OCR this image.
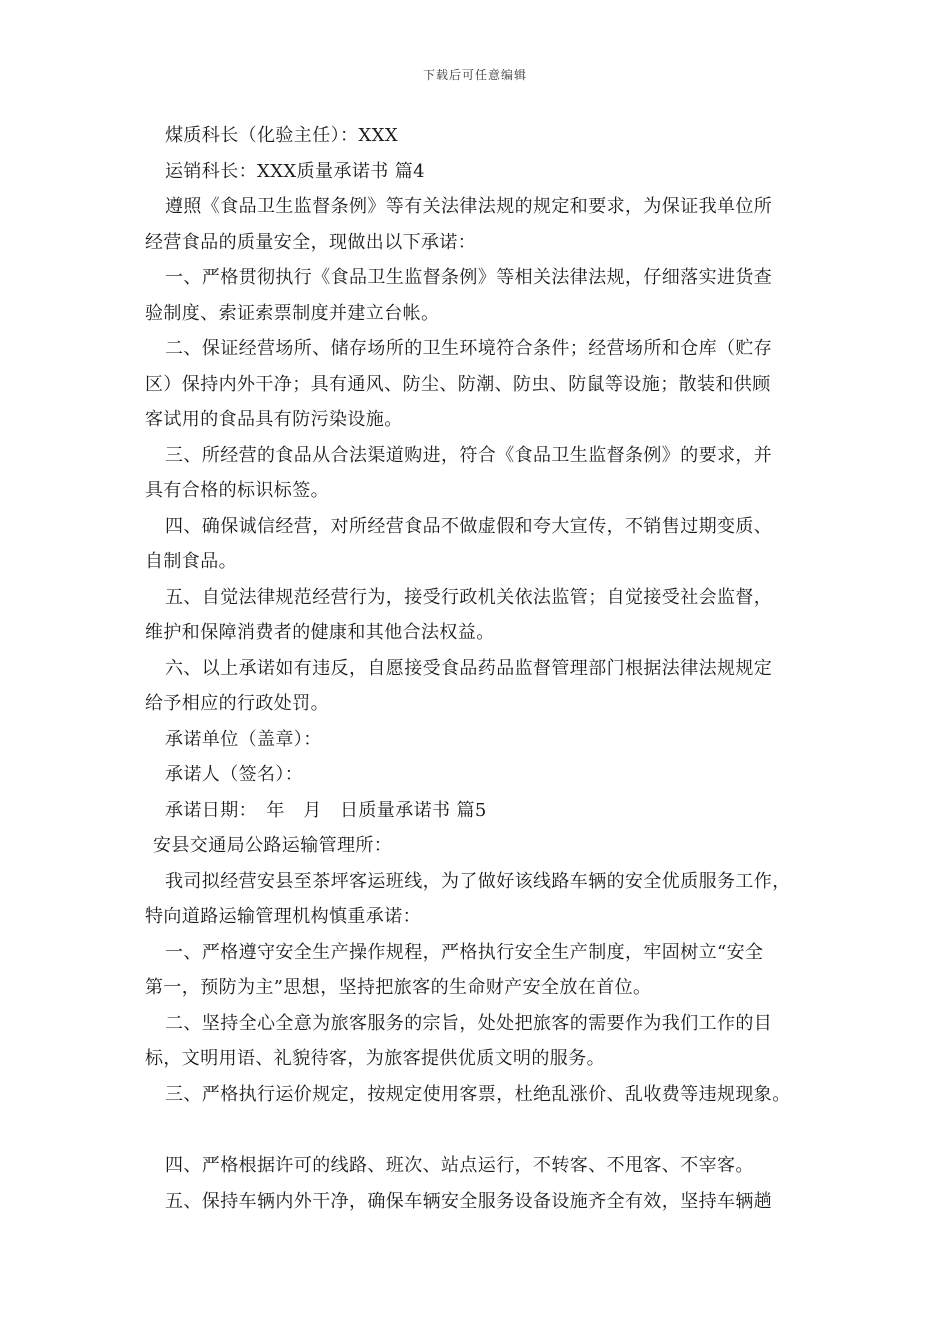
下载后可任意编辑
煤质科长（化验主任）：XXX
运销科长：XXX质量承诺书 篇4
遵照《食品卫生监督条例》等有关法律法规的规定和要求，为保证我单位所
经营食品的质量安全，现做出以下承诺：
一、严格贯彻执行《食品卫生监督条例》等相关法律法规，仔细落实进货查
验制度、索证索票制度并建立台帐。
二、保证经营场所、储存场所的卫生环境符合条件；经营场所和仓库（贮存
区）保持内外干净；具有通风、防尘、防潮、防虫、防鼠等设施；散装和供顾
客试用的食品具有防污染设施。
三、所经营的食品从合法渠道购进，符合《食品卫生监督条例》的要求，并
具有合格的标识标签。
四、确保诚信经营，对所经营食品不做虚假和夸大宣传，不销售过期变质、
自制食品。
五、自觉法律规范经营行为，接受行政机关依法监管；自觉接受社会监督，
维护和保障消费者的健康和其他合法权益。
六、以上承诺如有违反，自愿接受食品药品监督管理部门根据法律法规规定
给予相应的行政处罚。
承诺单位（盖章）：
承诺人（签名）：
承诺日期：　年　月　日质量承诺书 篇5
安县交通局公路运输管理所：
我司拟经营安县至茶坪客运班线，为了做好该线路车辆的安全优质服务工作，
特向道路运输管理机构慎重承诺：
一、严格遵守安全生产操作规程，严格执行安全生产制度，牢固树立“安全
第一，预防为主”思想，坚持把旅客的生命财产安全放在首位。
二、坚持全心全意为旅客服务的宗旨，处处把旅客的需要作为我们工作的目
标，文明用语、礼貌待客，为旅客提供优质文明的服务。
三、严格执行运价规定，按规定使用客票，杜绝乱涨价、乱收费等违规现象。
四、严格根据许可的线路、班次、站点运行，不转客、不甩客、不宰客。
五、保持车辆内外干净，确保车辆安全服务设备设施齐全有效，坚持车辆趟
